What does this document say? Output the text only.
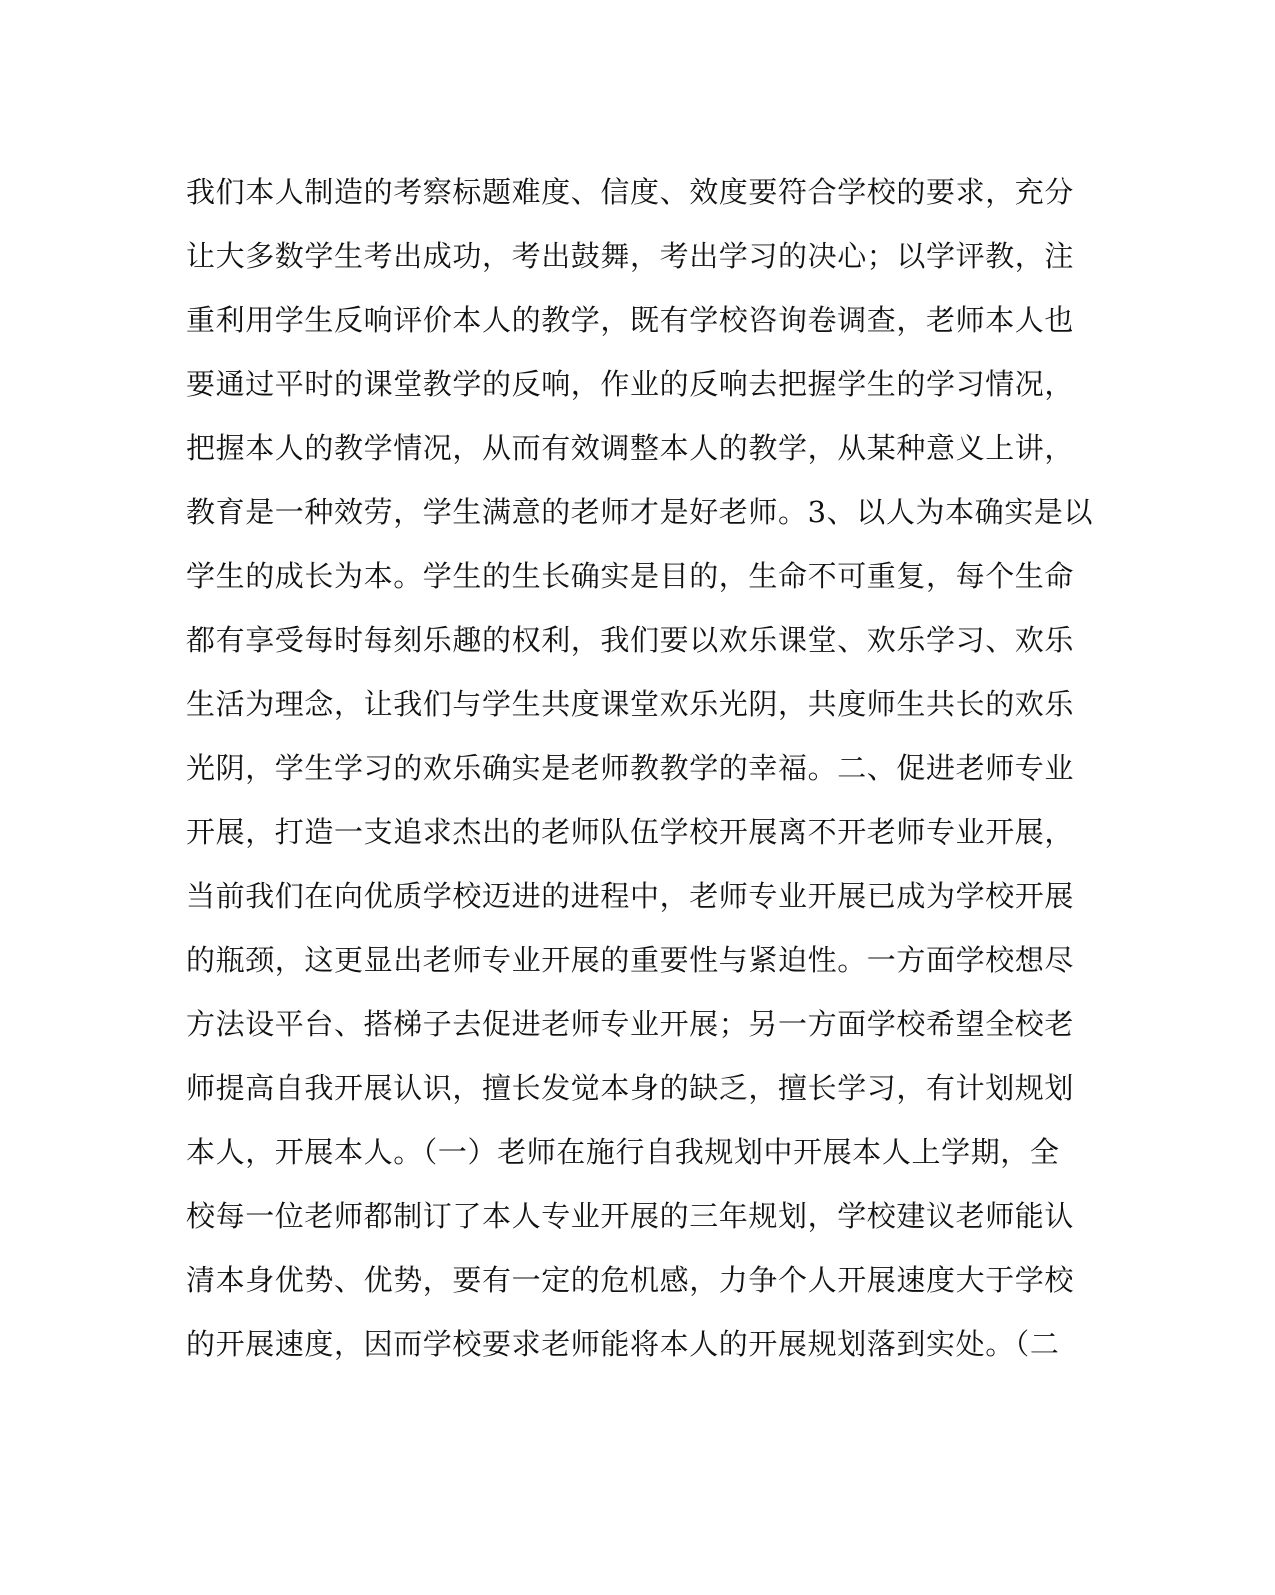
我们本人制造的考察标题难度、信度、效度要符合学校的要求，充分
让大多数学生考出成功，考出鼓舞，考出学习的决心；以学评教，注
重利用学生反响评价本人的教学，既有学校咨询卷调查，老师本人也
要通过平时的课堂教学的反响，作业的反响去把握学生的学习情况，
把握本人的教学情况，从而有效调整本人的教学，从某种意义上讲，
教育是一种效劳，学生满意的老师才是好老师。3、以人为本确实是以
学生的成长为本。学生的生长确实是目的，生命不可重复，每个生命
都有享受每时每刻乐趣的权利，我们要以欢乐课堂、欢乐学习、欢乐
生活为理念，让我们与学生共度课堂欢乐光阴，共度师生共长的欢乐
光阴，学生学习的欢乐确实是老师教教学的幸福。二、促进老师专业
开展，打造一支追求杰出的老师队伍学校开展离不开老师专业开展，
当前我们在向优质学校迈进的进程中，老师专业开展已成为学校开展
的瓶颈，这更显出老师专业开展的重要性与紧迫性。一方面学校想尽
方法设平台、搭梯子去促进老师专业开展；另一方面学校希望全校老
师提高自我开展认识，擅长发觉本身的缺乏，擅长学习，有计划规划
本人，开展本人。（一）老师在施行自我规划中开展本人上学期，全
校每一位老师都制订了本人专业开展的三年规划，学校建议老师能认
清本身优势、优势，要有一定的危机感，力争个人开展速度大于学校
的开展速度，因而学校要求老师能将本人的开展规划落到实处。（二
